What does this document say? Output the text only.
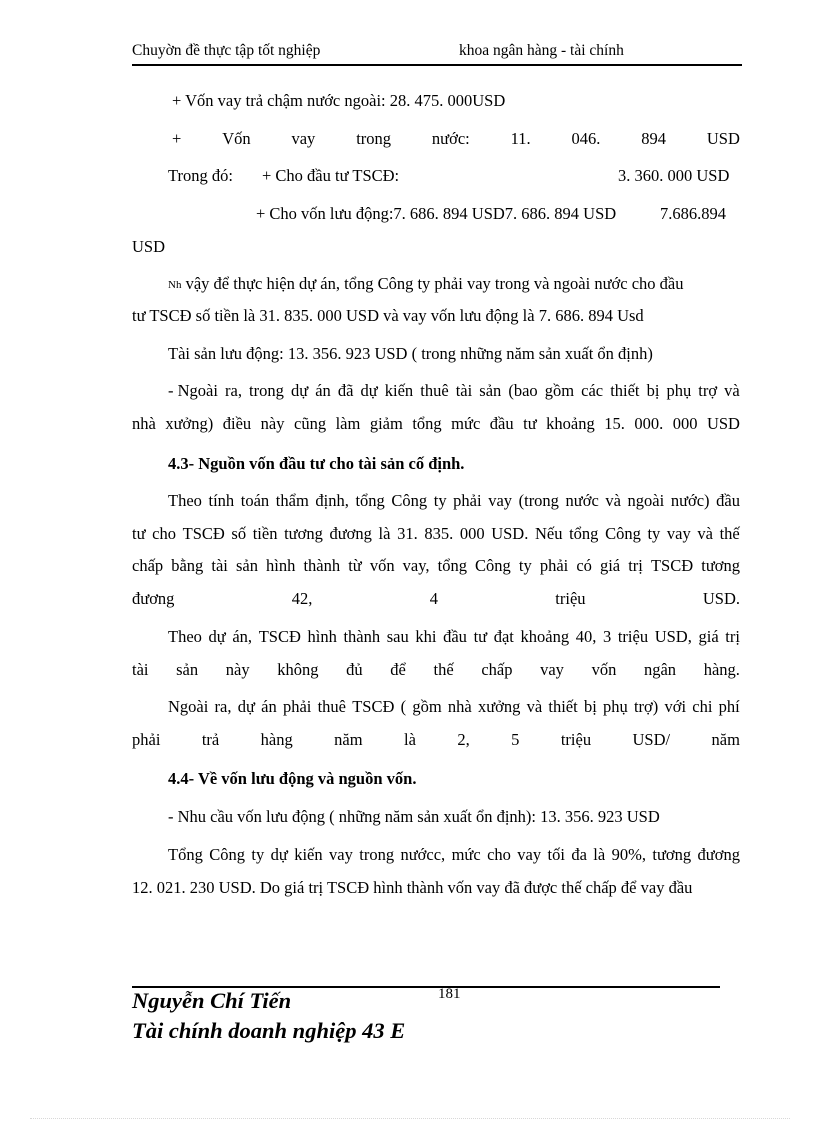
Chuyờn đề thực tập tốt nghiệp	khoa ngân hàng - tài chính
+ Vốn vay trả chậm nước ngoài: 28. 475. 000USD
+ Vốn vay trong nước: 11. 046. 894 USD
Trong đó: + Cho đầu tư TSCĐ:	3. 360. 000 USD
+ Cho vốn lưu động:7. 686. 894 USD7. 686. 894 USD	7.686.894
USD
Nh vậy để thực hiện dự án, tổng Công ty phải vay trong và ngoài nước cho đầu
tư TSCĐ số tiền là 31. 835. 000 USD và vay vốn lưu động là 7. 686. 894 Usd
Tài sản lưu động: 13. 356. 923 USD ( trong những năm sản xuất ổn định)
- Ngoài ra, trong dự án đã dự kiến thuê tài sản (bao gồm các thiết bị phụ trợ và
nhà xưởng) điều này cũng làm giảm tổng mức đầu tư khoảng 15. 000. 000 USD
4.3- Nguồn vốn đầu tư cho tài sản cố định.
Theo tính toán thẩm định, tổng Công ty phải vay (trong nước và ngoài nước) đầu
tư cho TSCĐ số tiền tương đương là 31. 835. 000 USD. Nếu tổng Công ty vay và thế
chấp bằng tài sản hình thành từ vốn vay, tổng Công ty phải có giá trị TSCĐ tương
đương	42,	4	triệu	USD.
Theo dự án, TSCĐ hình thành sau khi đầu tư đạt khoảng 40, 3 triệu USD, giá trị
tài sản này không đủ để thế chấp vay vốn ngân hàng.
Ngoài ra, dự án phải thuê TSCĐ ( gồm nhà xưởng và thiết bị phụ trợ) với chi phí
phải	trả	hàng	năm	là	2,	5	triệu	USD/	năm
4.4- Về vốn lưu động và nguồn vốn.
- Nhu cầu vốn lưu động ( những năm sản xuất ổn định): 13. 356. 923 USD
Tổng Công ty dự kiến vay trong nướcc, mức cho vay tối đa là 90%, tương đương
12. 021. 230 USD. Do giá trị TSCĐ hình thành vốn vay đã được thế chấp để vay đầu
181
Nguyễn Chí Tiến
Tài chính doanh nghiệp 43 E
